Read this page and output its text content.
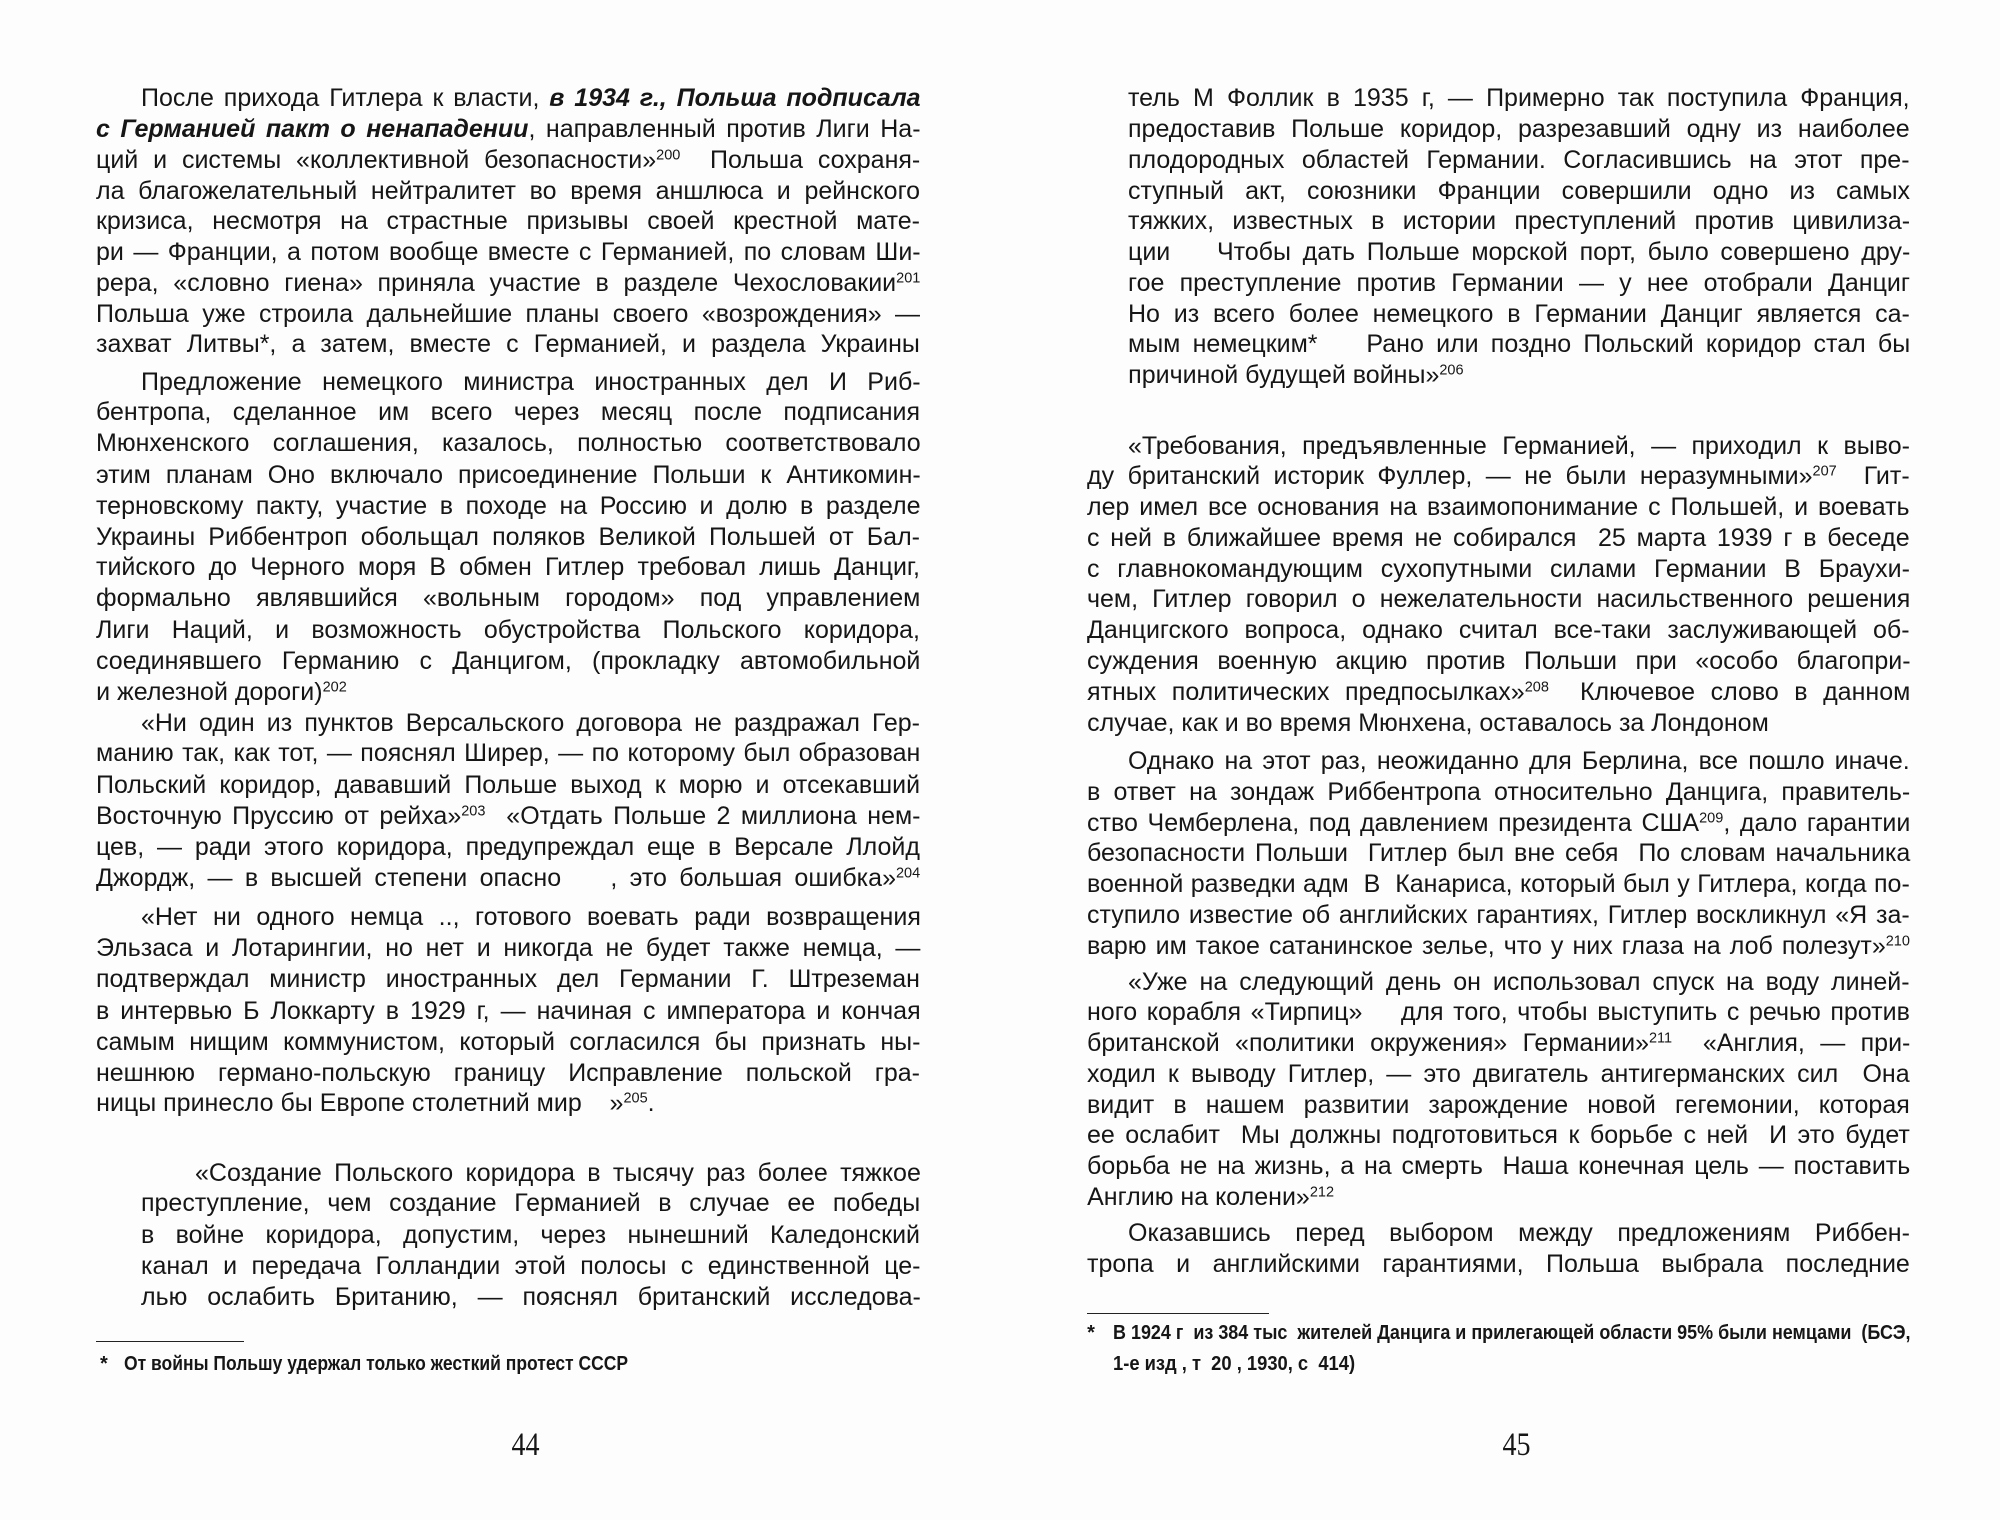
После прихода Гитлера к власти, в 1934 г., Польша подписала
с Германией пакт о ненападении, направленный против Лиги На-
ций и системы «коллективной безопасности»$^{200}$  Польша сохраня-
ла благожелательный нейтралитет во время аншлюса и рейнского
кризиса, несмотря на страстные призывы своей крестной мате-
ри — Франции, а потом вообще вместе с Германией, по словам Ши-
рера, «словно гиена» приняла участие в разделе Чехословакии$^{201}$
Польша уже строила дальнейшие планы своего «возрождения» —
захват Литвы*, а затем, вместе с Германией, и раздела Украины
Предложение немецкого министра иностранных дел И Риб-
бентропа, сделанное им всего через месяц после подписания
Мюнхенского соглашения, казалось, полностью соответствовало
этим планам Оно включало присоединение Польши к Антикомин-
терновскому пакту, участие в походе на Россию и долю в разделе
Украины Риббентроп обольщал поляков Великой Польшей от Бал-
тийского до Черного моря В обмен Гитлер требовал лишь Данциг,
формально являвшийся «вольным городом» под управлением
Лиги Наций, и возможность обустройства Польского коридора,
соединявшего Германию с Данцигом, (прокладку автомобильной
и железной дороги)$^{202}$
«Ни один из пунктов Версальского договора не раздражал Гер-
манию так, как тот, — пояснял Ширер, — по которому был образован
Польский коридор, дававший Польше выход к морю и отсекавший
Восточную Пруссию от рейха»$^{203}$  «Отдать Польше 2 миллиона нем-
цев, — ради этого коридора, предупреждал еще в Версале Ллойд
Джордж, — в высшей степени опасно    , это большая ошибка»$^{204}$
«Нет ни одного немца .., готового воевать ради возвращения
Эльзаса и Лотарингии, но нет и никогда не будет также немца, —
подтверждал министр иностранных дел Германии Г. Штреземан
в интервью Б Локкарту в 1929 г, — начиная с императора и кончая
самым нищим коммунистом, который согласился бы признать ны-
нешнюю германо-польскую границу Исправление польской гра-
ницы принесло бы Европе столетний мир    »$^{205}$.
«Создание Польского коридора в тысячу раз более тяжкое
преступление, чем создание Германией в случае ее победы
в войне коридора, допустим, через нынешний Каледонский
канал и передача Голландии этой полосы с единственной це-
лью ослабить Британию, — пояснял британский исследова-
* От войны Польшу удержал только жесткий протест СССР
44
тель М Фоллик в 1935 г, — Примерно так поступила Франция,
предоставив Польше коридор, разрезавший одну из наиболее
плодородных областей Германии. Согласившись на этот пре-
ступный акт, союзники Франции совершили одно из самых
тяжких, известных в истории преступлений против цивилиза-
ции    Чтобы дать Польше морской порт, было совершено дру-
гое преступление против Германии — у нее отобрали Данциг
Но из всего более немецкого в Германии Данциг является са-
мым немецким*    Рано или поздно Польский коридор стал бы
причиной будущей войны»$^{206}$
«Требования, предъявленные Германией, — приходил к выво-
ду британский историк Фуллер, — не были неразумными»$^{207}$  Гит-
лер имел все основания на взаимопонимание с Польшей, и воевать
с ней в ближайшее время не собирался  25 марта 1939 г в беседе
с главнокомандующим сухопутными силами Германии В Браухи-
чем, Гитлер говорил о нежелательности насильственного решения
Данцигского вопроса, однако считал все-таки заслуживающей об-
суждения военную акцию против Польши при «особо благопри-
ятных политических предпосылках»$^{208}$  Ключевое слово в данном
случае, как и во время Мюнхена, оставалось за Лондоном
Однако на этот раз, неожиданно для Берлина, все пошло иначе.
в ответ на зондаж Риббентропа относительно Данцига, правитель-
ство Чемберлена, под давлением президента США$^{209}$, дало гарантии
безопасности Польши  Гитлер был вне себя  По словам начальника
военной разведки адм  В  Канариса, который был у Гитлера, когда по-
ступило известие об английских гарантиях, Гитлер воскликнул «Я за-
варю им такое сатанинское зелье, что у них глаза на лоб полезут»$^{210}$
«Уже на следующий день он использовал спуск на воду линей-
ного корабля «Тирпиц»    для того, чтобы выступить с речью против
британской «политики окружения» Германии»$^{211}$  «Англия, — при-
ходил к выводу Гитлер, — это двигатель антигерманских сил  Она
видит в нашем развитии зарождение новой гегемонии, которая
ее ослабит  Мы должны подготовиться к борьбе с ней  И это будет
борьба не на жизнь, а на смерть  Наша конечная цель — поставить
Англию на колени»$^{212}$
Оказавшись перед выбором между предложениям Риббен-
тропа и английскими гарантиями, Польша выбрала последние
* В 1924 г  из 384 тыс  жителей Данцига и прилегающей области 95% были немцами  (БСЭ,
1-е изд , т  20 , 1930, с  414)
45
